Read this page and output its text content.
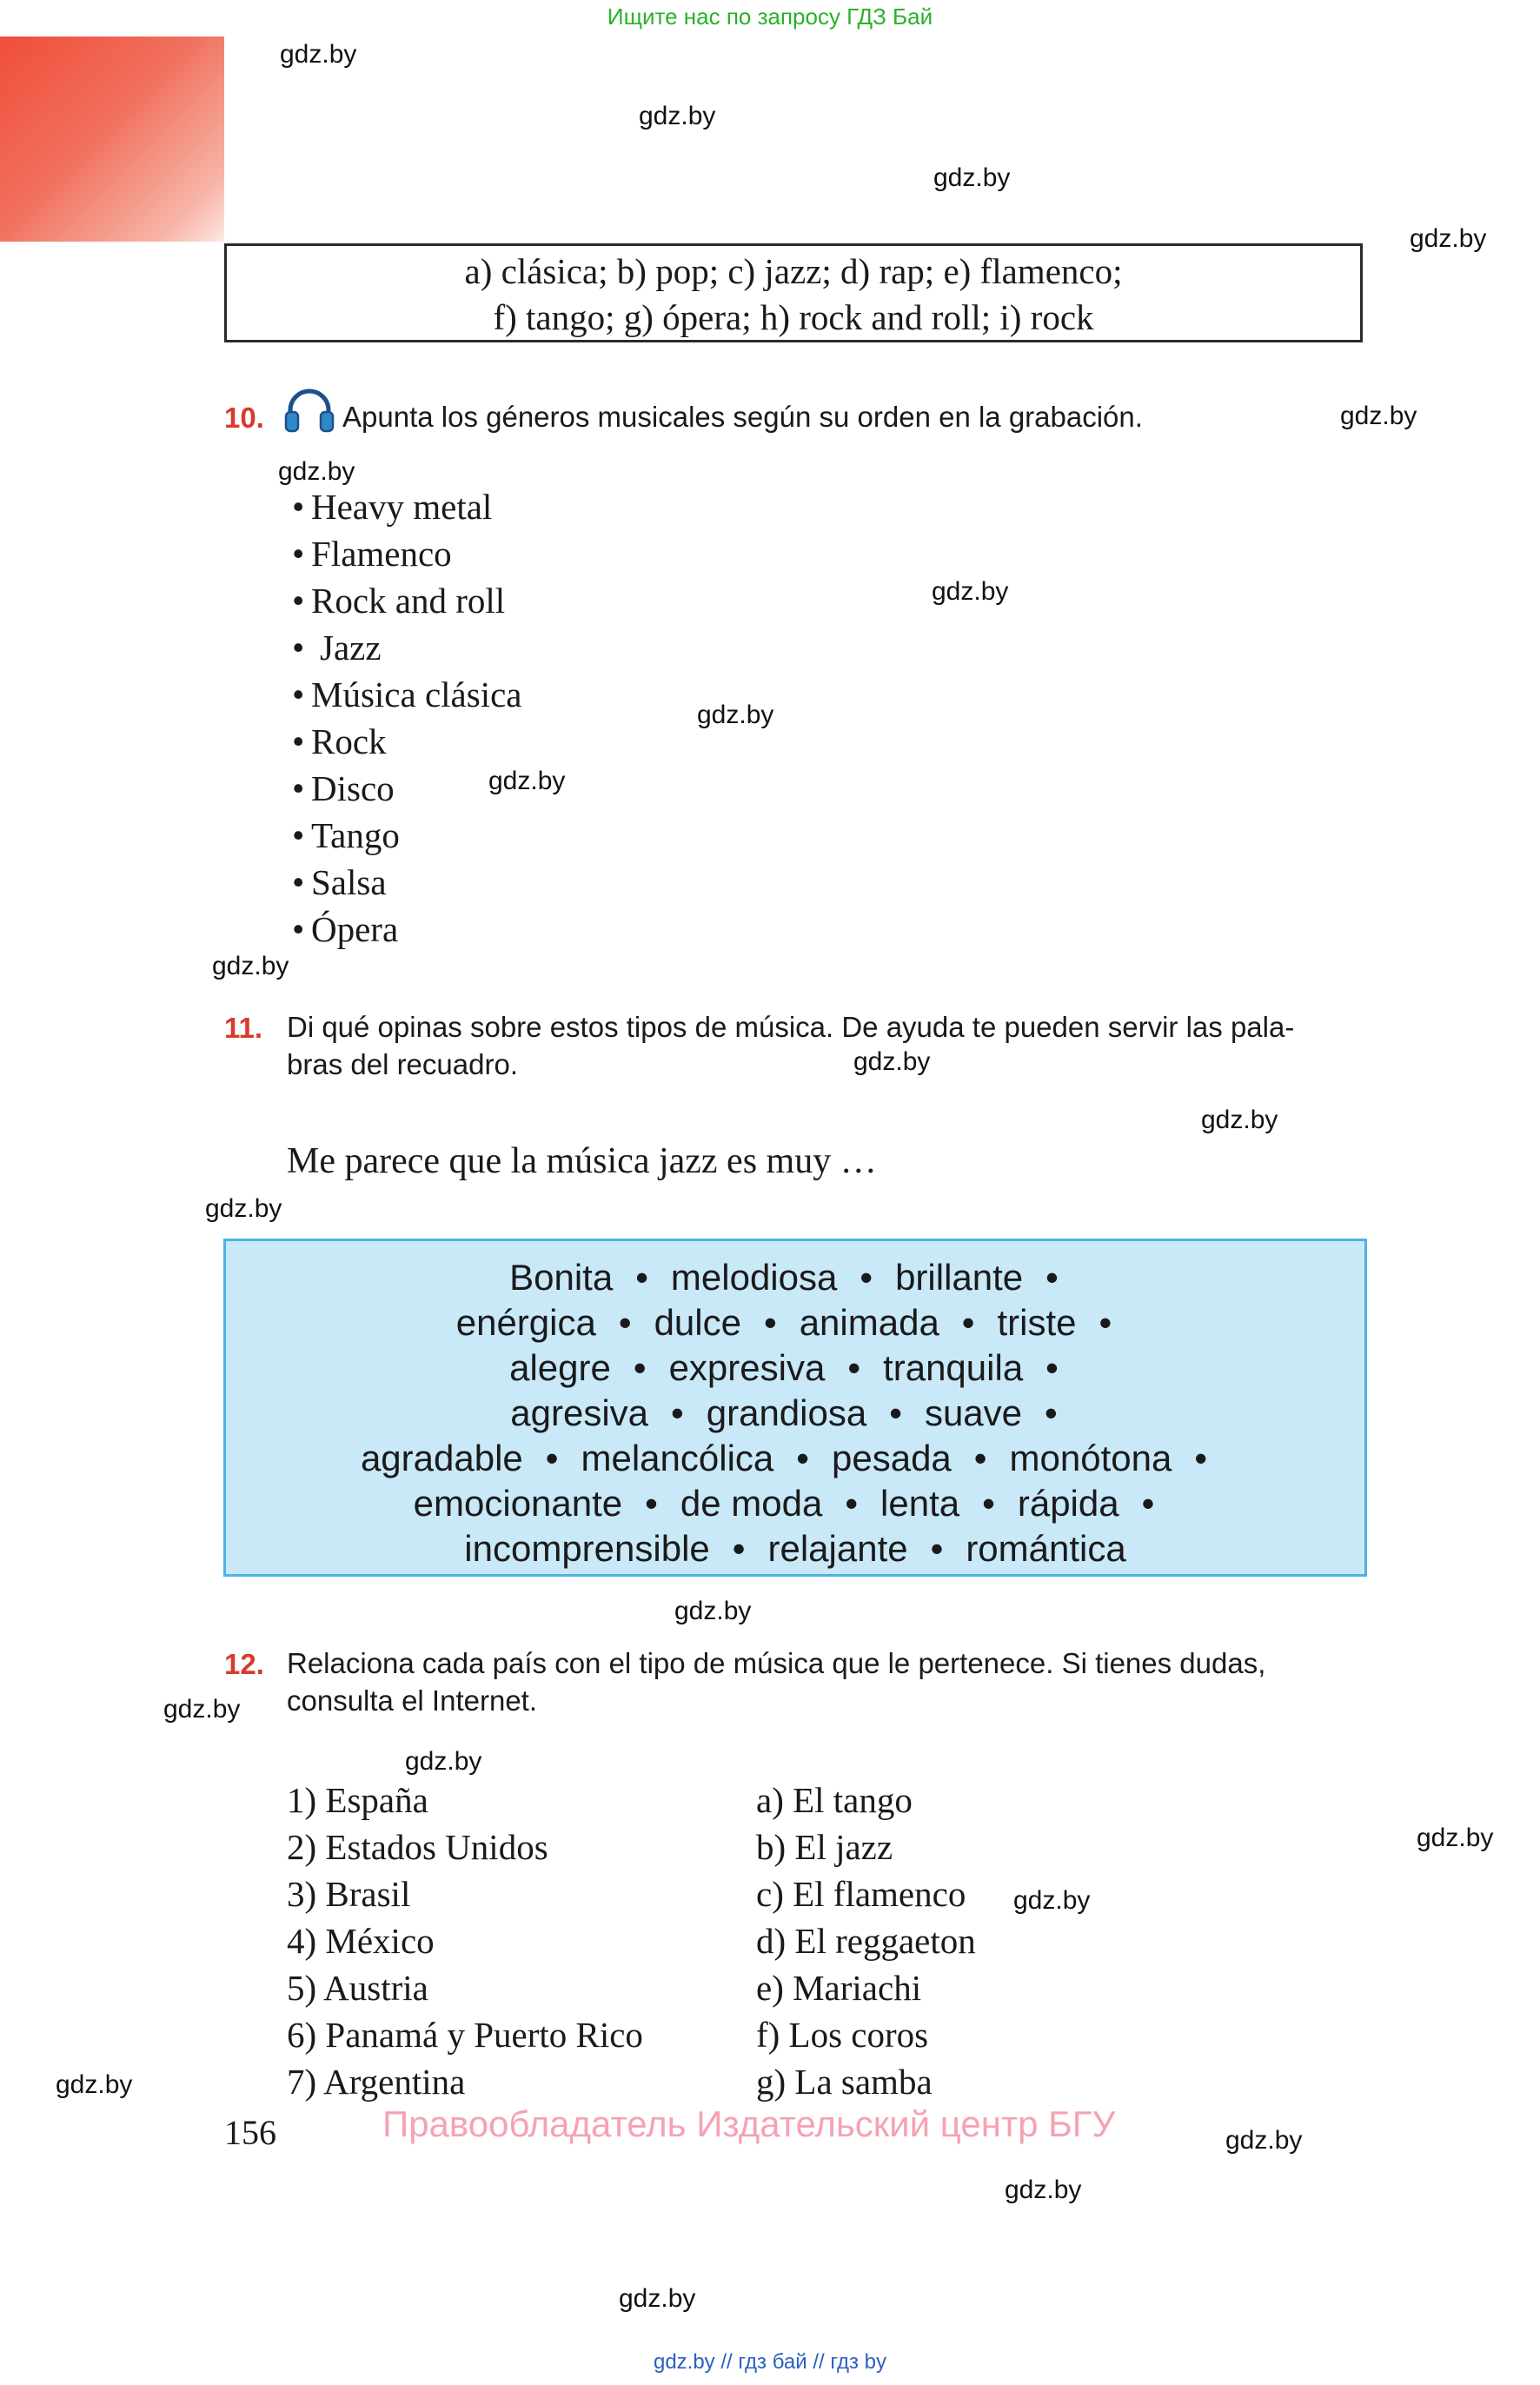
Ищите нас по запросу ГДЗ Бай
gdz.by
gdz.by
gdz.by
gdz.by
gdz.by
gdz.by
gdz.by
gdz.by
gdz.by
gdz.by
gdz.by
gdz.by
gdz.by
gdz.by
gdz.by
gdz.by
gdz.by
gdz.by
gdz.by
gdz.by
gdz.by
gdz.by
a) clásica; b) pop; c) jazz; d) rap; e) flamenco;
f) tango; g) ópera; h) rock and roll; i) rock
10.	Apunta los géneros musicales según su orden en la grabación.
• Heavy metal
• Flamenco
• Rock and roll
• Jazz
• Música clásica
• Rock
• Disco
• Tango
• Salsa
• Ópera
11. Di qué opinas sobre estos tipos de música. De ayuda te pueden servir las pala-
bras del recuadro.
Me parece que la música jazz es muy …
Bonita • melodiosa • brillante •
enérgica • dulce • animada • triste •
alegre • expresiva • tranquila •
agresiva • grandiosa • suave •
agradable • melancólica • pesada • monótona •
emocionante • de moda • lenta • rápida •
incomprensible • relajante • romántica
12. Relaciona cada país con el tipo de música que le pertenece. Si tienes dudas,
consulta el Internet.
1) España
2) Estados Unidos
3) Brasil
4) México
5) Austria
6) Panamá y Puerto Rico
7) Argentina
a) El tango
b) El jazz
c) El flamenco
d) El reggaeton
e) Mariachi
f) Los coros
g) La samba
156	Правообладатель Издательский центр БГУ
gdz.by // гдз бай // гдз by
